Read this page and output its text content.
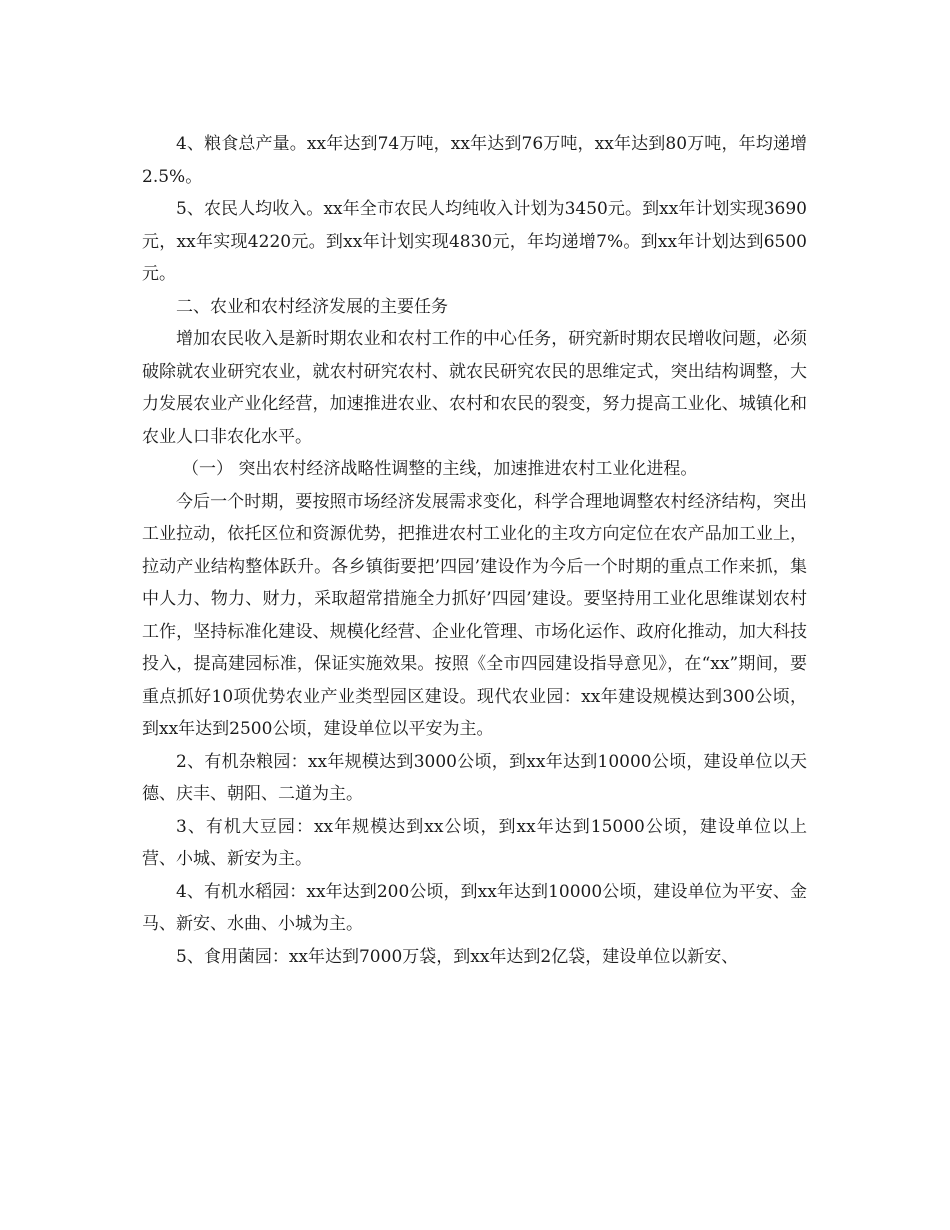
4、粮食总产量。xx年达到74万吨，xx年达到76万吨，xx年达到80万吨，年均递增2.5%。

5、农民人均收入。xx年全市农民人均纯收入计划为3450元。到xx年计划实现3690元，xx年实现4220元。到xx年计划实现4830元，年均递增7%。到xx年计划达到6500元。

二、农业和农村经济发展的主要任务

增加农民收入是新时期农业和农村工作的中心任务，研究新时期农民增收问题，必须破除就农业研究农业，就农村研究农村、就农民研究农民的思维定式，突出结构调整，大力发展农业产业化经营，加速推进农业、农村和农民的裂变，努力提高工业化、城镇化和农业人口非农化水平。

（一） 突出农村经济战略性调整的主线，加速推进农村工业化进程。

今后一个时期，要按照市场经济发展需求变化，科学合理地调整农村经济结构，突出工业拉动，依托区位和资源优势，把推进农村工业化的主攻方向定位在农产品加工业上，拉动产业结构整体跃升。各乡镇街要把’四园’建设作为今后一个时期的重点工作来抓，集中人力、物力、财力，采取超常措施全力抓好’四园’建设。要坚持用工业化思维谋划农村工作，坚持标准化建设、规模化经营、企业化管理、市场化运作、政府化推动，加大科技投入，提高建园标准，保证实施效果。按照《全市四园建设指导意见》，在“xx”期间，要重点抓好10项优势农业产业类型园区建设。现代农业园：xx年建设规模达到300公顷，到xx年达到2500公顷，建设单位以平安为主。

2、有机杂粮园：xx年规模达到3000公顷，到xx年达到10000公顷，建设单位以天德、庆丰、朝阳、二道为主。

3、有机大豆园：xx年规模达到xx公顷，到xx年达到15000公顷，建设单位以上营、小城、新安为主。

4、有机水稻园：xx年达到200公顷，到xx年达到10000公顷，建设单位为平安、金马、新安、水曲、小城为主。

5、食用菌园：xx年达到7000万袋，到xx年达到2亿袋，建设单位以新安、
